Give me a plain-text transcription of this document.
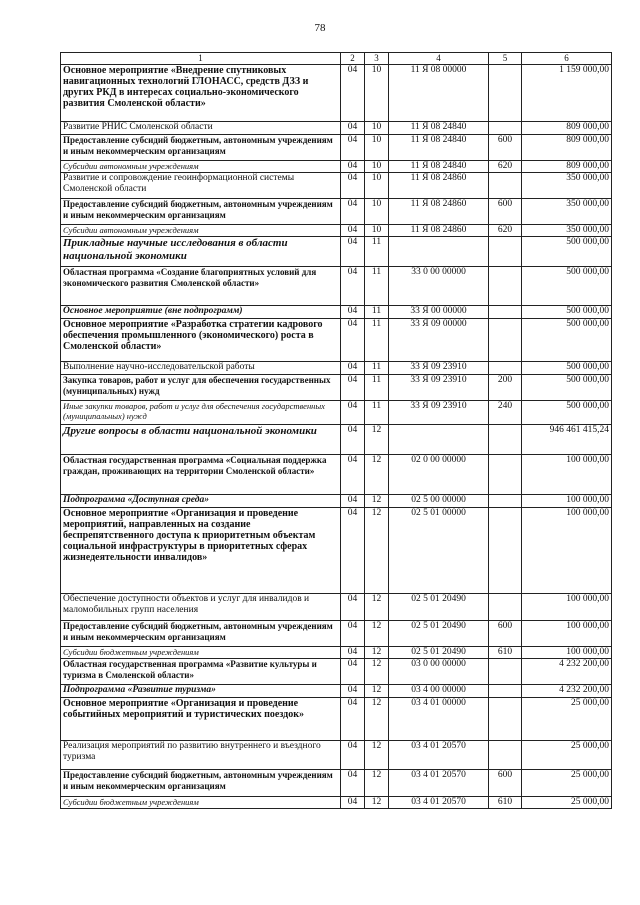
78
1	2	3	4	5	6
Основное мероприятие «Внедрение спутниковых навигационных технологий ГЛОНАСС, средств ДЗЗ и других РКД в интересах социально-экономического развития Смоленской области»	04	10	11 Я 08 00000		1 159 000,00
Развитие РНИС Смоленской области	04	10	11 Я 08 24840		809 000,00
Предоставление субсидий бюджетным, автономным учреждениям и иным некоммерческим организациям	04	10	11 Я 08 24840	600	809 000,00
Субсидии автономным учреждениям	04	10	11 Я 08 24840	620	809 000,00
Развитие и сопровождение геоинформационной системы Смоленской области	04	10	11 Я 08 24860		350 000,00
Предоставление субсидий бюджетным, автономным учреждениям и иным некоммерческим организациям	04	10	11 Я 08 24860	600	350 000,00
Субсидии автономным учреждениям	04	10	11 Я 08 24860	620	350 000,00
Прикладные научные исследования в области национальной экономики	04	11			500 000,00
Областная программа «Создание благоприятных условий для экономического развития Смоленской области»	04	11	33 0 00 00000		500 000,00
Основное мероприятие (вне подпрограмм)	04	11	33 Я 00 00000		500 000,00
Основное мероприятие «Разработка стратегии кадрового обеспечения промышленного (экономического) роста в Смоленской области»	04	11	33 Я 09 00000		500 000,00
Выполнение научно-исследовательской работы	04	11	33 Я 09 23910		500 000,00
Закупка товаров, работ и услуг для обеспечения государственных (муниципальных) нужд	04	11	33 Я 09 23910	200	500 000,00
Иные закупки товаров, работ и услуг для обеспечения государственных (муниципальных) нужд	04	11	33 Я 09 23910	240	500 000,00
Другие вопросы в области национальной экономики	04	12			946 461 415,24
Областная государственная программа «Социальная поддержка граждан, проживающих на территории Смоленской области»	04	12	02 0 00 00000		100 000,00
Подпрограмма «Доступная среда»	04	12	02 5 00 00000		100 000,00
Основное мероприятие «Организация и проведение мероприятий, направленных на создание беспрепятственного доступа к приоритетным объектам социальной инфраструктуры в приоритетных сферах жизнедеятельности инвалидов»	04	12	02 5 01 00000		100 000,00
Обеспечение доступности объектов и услуг для инвалидов и маломобильных групп населения	04	12	02 5 01 20490		100 000,00
Предоставление субсидий бюджетным, автономным учреждениям и иным некоммерческим организациям	04	12	02 5 01 20490	600	100 000,00
Субсидии бюджетным учреждениям	04	12	02 5 01 20490	610	100 000,00
Областная государственная программа «Развитие культуры и туризма в Смоленской области»	04	12	03 0 00 00000		4 232 200,00
Подпрограмма «Развитие туризма»	04	12	03 4 00 00000		4 232 200,00
Основное мероприятие «Организация и проведение событийных мероприятий и туристических поездок»	04	12	03 4 01 00000		25 000,00
Реализация мероприятий по развитию внутреннего и въездного туризма	04	12	03 4 01 20570		25 000,00
Предоставление субсидий бюджетным, автономным учреждениям и иным некоммерческим организациям	04	12	03 4 01 20570	600	25 000,00
Субсидии бюджетным учреждениям	04	12	03 4 01 20570	610	25 000,00
